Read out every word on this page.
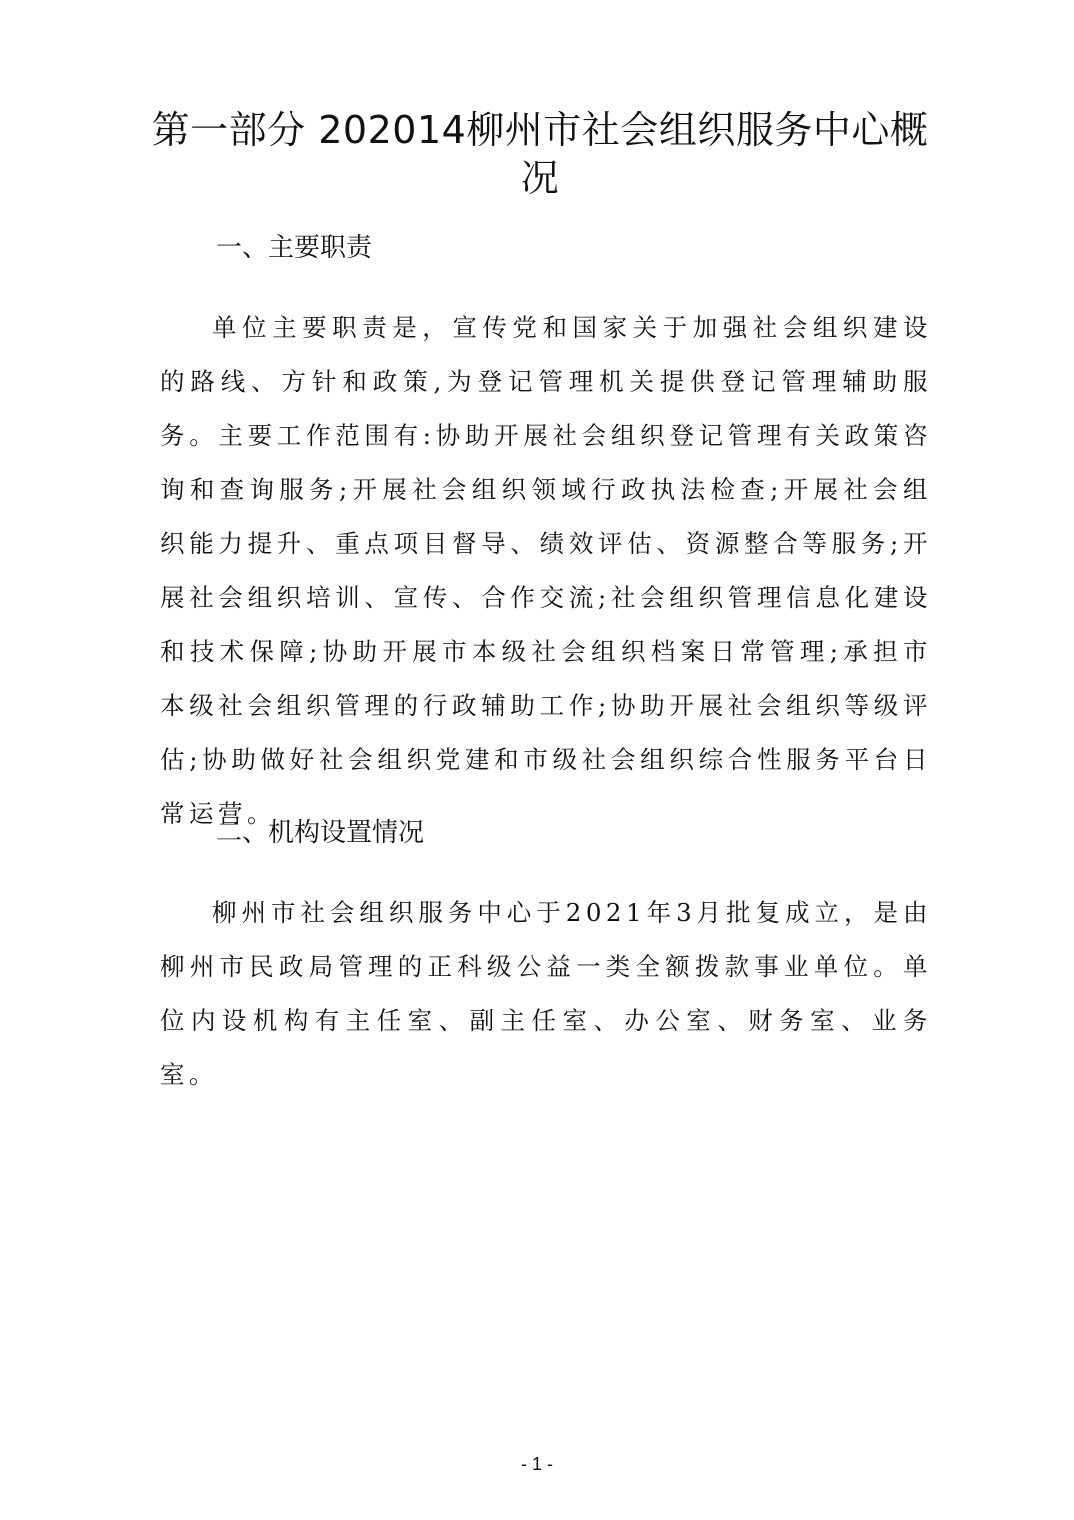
第一部分 202014柳州市社会组织服务中心概况
一、主要职责

单位主要职责是，宣传党和国家关于加强社会组织建设的路线、方针和政策,为登记管理机关提供登记管理辅助服务。主要工作范围有:协助开展社会组织登记管理有关政策咨询和查询服务;开展社会组织领域行政执法检查;开展社会组织能力提升、重点项目督导、绩效评估、资源整合等服务;开展社会组织培训、宣传、合作交流;社会组织管理信息化建设和技术保障;协助开展市本级社会组织档案日常管理;承担市本级社会组织管理的行政辅助工作;协助开展社会组织等级评估;协助做好社会组织党建和市级社会组织综合性服务平台日常运营。

二、机构设置情况

柳州市社会组织服务中心于2021年3月批复成立，是由柳州市民政局管理的正科级公益一类全额拨款事业单位。单位内设机构有主任室、副主任室、办公室、财务室、业务室。

- 1 -
